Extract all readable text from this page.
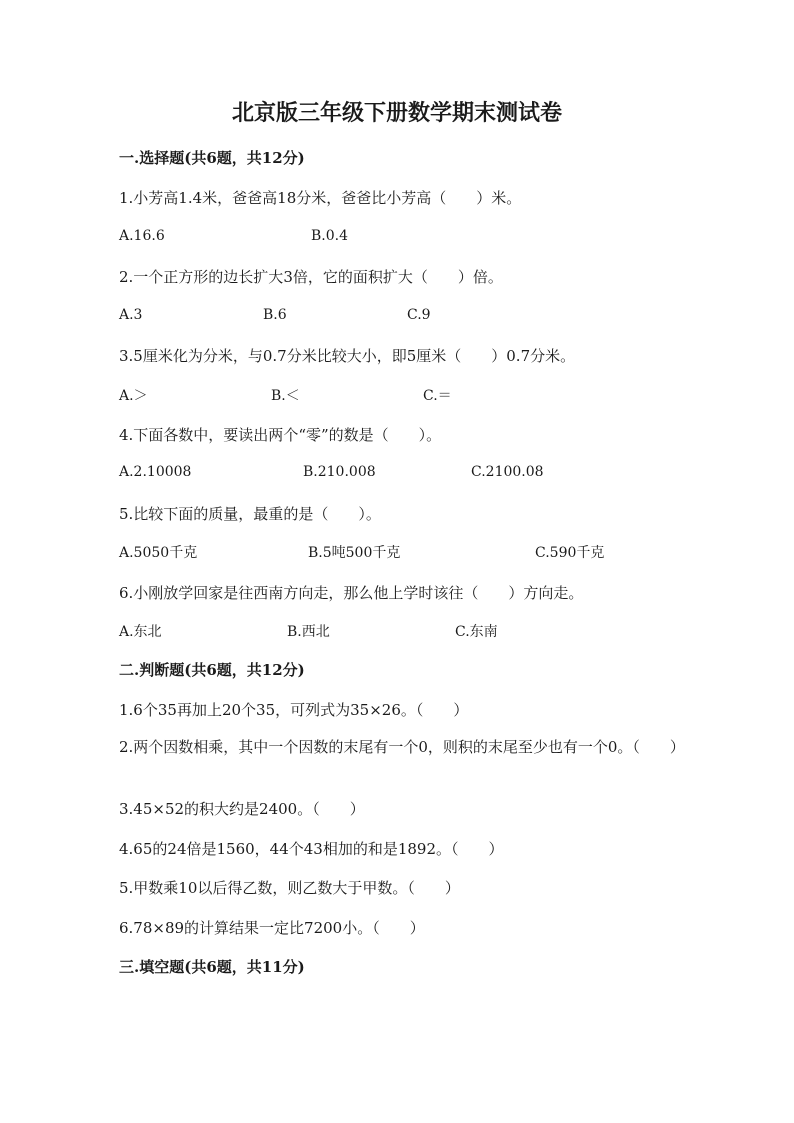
北京版三年级下册数学期末测试卷
一.选择题(共6题，共12分)
1.小芳高1.4米，爸爸高18分米，爸爸比小芳高（　　）米。
A.16.6	B.0.4
2.一个正方形的边长扩大3倍，它的面积扩大（　　）倍。
A.3	B.6	C.9
3.5厘米化为分米，与0.7分米比较大小，即5厘米（　　）0.7分米。
A.＞	B.＜	C.＝
4.下面各数中，要读出两个“零”的数是（　　）。
A.2.10008	B.210.008	C.2100.08
5.比较下面的质量，最重的是（　　）。
A.5050千克	B.5吨500千克	C.590千克
6.小刚放学回家是往西南方向走，那么他上学时该往（　　）方向走。
A.东北	B.西北	C.东南
二.判断题(共6题，共12分)
1.6个35再加上20个35，可列式为35×26。（　　）
2.两个因数相乘，其中一个因数的末尾有一个0，则积的末尾至少也有一个0。（　　）
3.45×52的积大约是2400。（　　）
4.65的24倍是1560，44个43相加的和是1892。（　　）
5.甲数乘10以后得乙数，则乙数大于甲数。（　　）
6.78×89的计算结果一定比7200小。（　　）
三.填空题(共6题，共11分)
